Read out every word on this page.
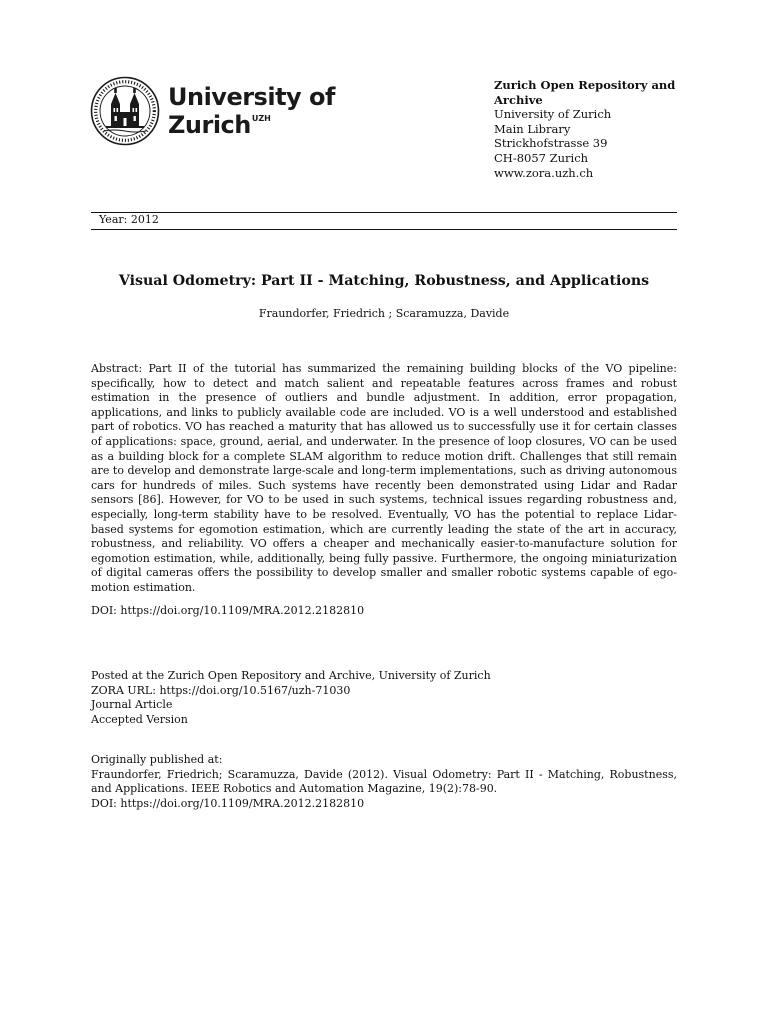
University of
Zurich$^{UZH}$
Zurich Open Repository and Archive
University of Zurich
Main Library
Strickhofstrasse 39
CH-8057 Zurich
www.zora.uzh.ch
Year: 2012
Visual Odometry: Part II - Matching, Robustness, and Applications
Fraundorfer, Friedrich ; Scaramuzza, Davide

Abstract: Part II of the tutorial has summarized the remaining building blocks of the VO pipeline: specifically, how to detect and match salient and repeatable features across frames and robust estimation in the presence of outliers and bundle adjustment. In addition, error propagation, applications, and links to publicly available code are included. VO is a well understood and established part of robotics. VO has reached a maturity that has allowed us to successfully use it for certain classes of applications: space, ground, aerial, and underwater. In the presence of loop closures, VO can be used as a building block for a complete SLAM algorithm to reduce motion drift. Challenges that still remain are to develop and demonstrate large-scale and long-term implementations, such as driving autonomous cars for hundreds of miles. Such systems have recently been demonstrated using Lidar and Radar sensors [86]. However, for VO to be used in such systems, technical issues regarding robustness and, especially, long-term stability have to be resolved. Eventually, VO has the potential to replace Lidar-based systems for egomotion estimation, which are currently leading the state of the art in accuracy, robustness, and reliability. VO offers a cheaper and mechanically easier-to-manufacture solution for egomotion estimation, while, additionally, being fully passive. Furthermore, the ongoing miniaturization of digital cameras offers the possibility to develop smaller and smaller robotic systems capable of ego-motion estimation.

DOI: https://doi.org/10.1109/MRA.2012.2182810
Posted at the Zurich Open Repository and Archive, University of Zurich
ZORA URL: https://doi.org/10.5167/uzh-71030
Journal Article
Accepted Version
Originally published at:
Fraundorfer, Friedrich; Scaramuzza, Davide (2012). Visual Odometry: Part II - Matching, Robustness, and Applications. IEEE Robotics and Automation Magazine, 19(2):78-90.
DOI: https://doi.org/10.1109/MRA.2012.2182810
